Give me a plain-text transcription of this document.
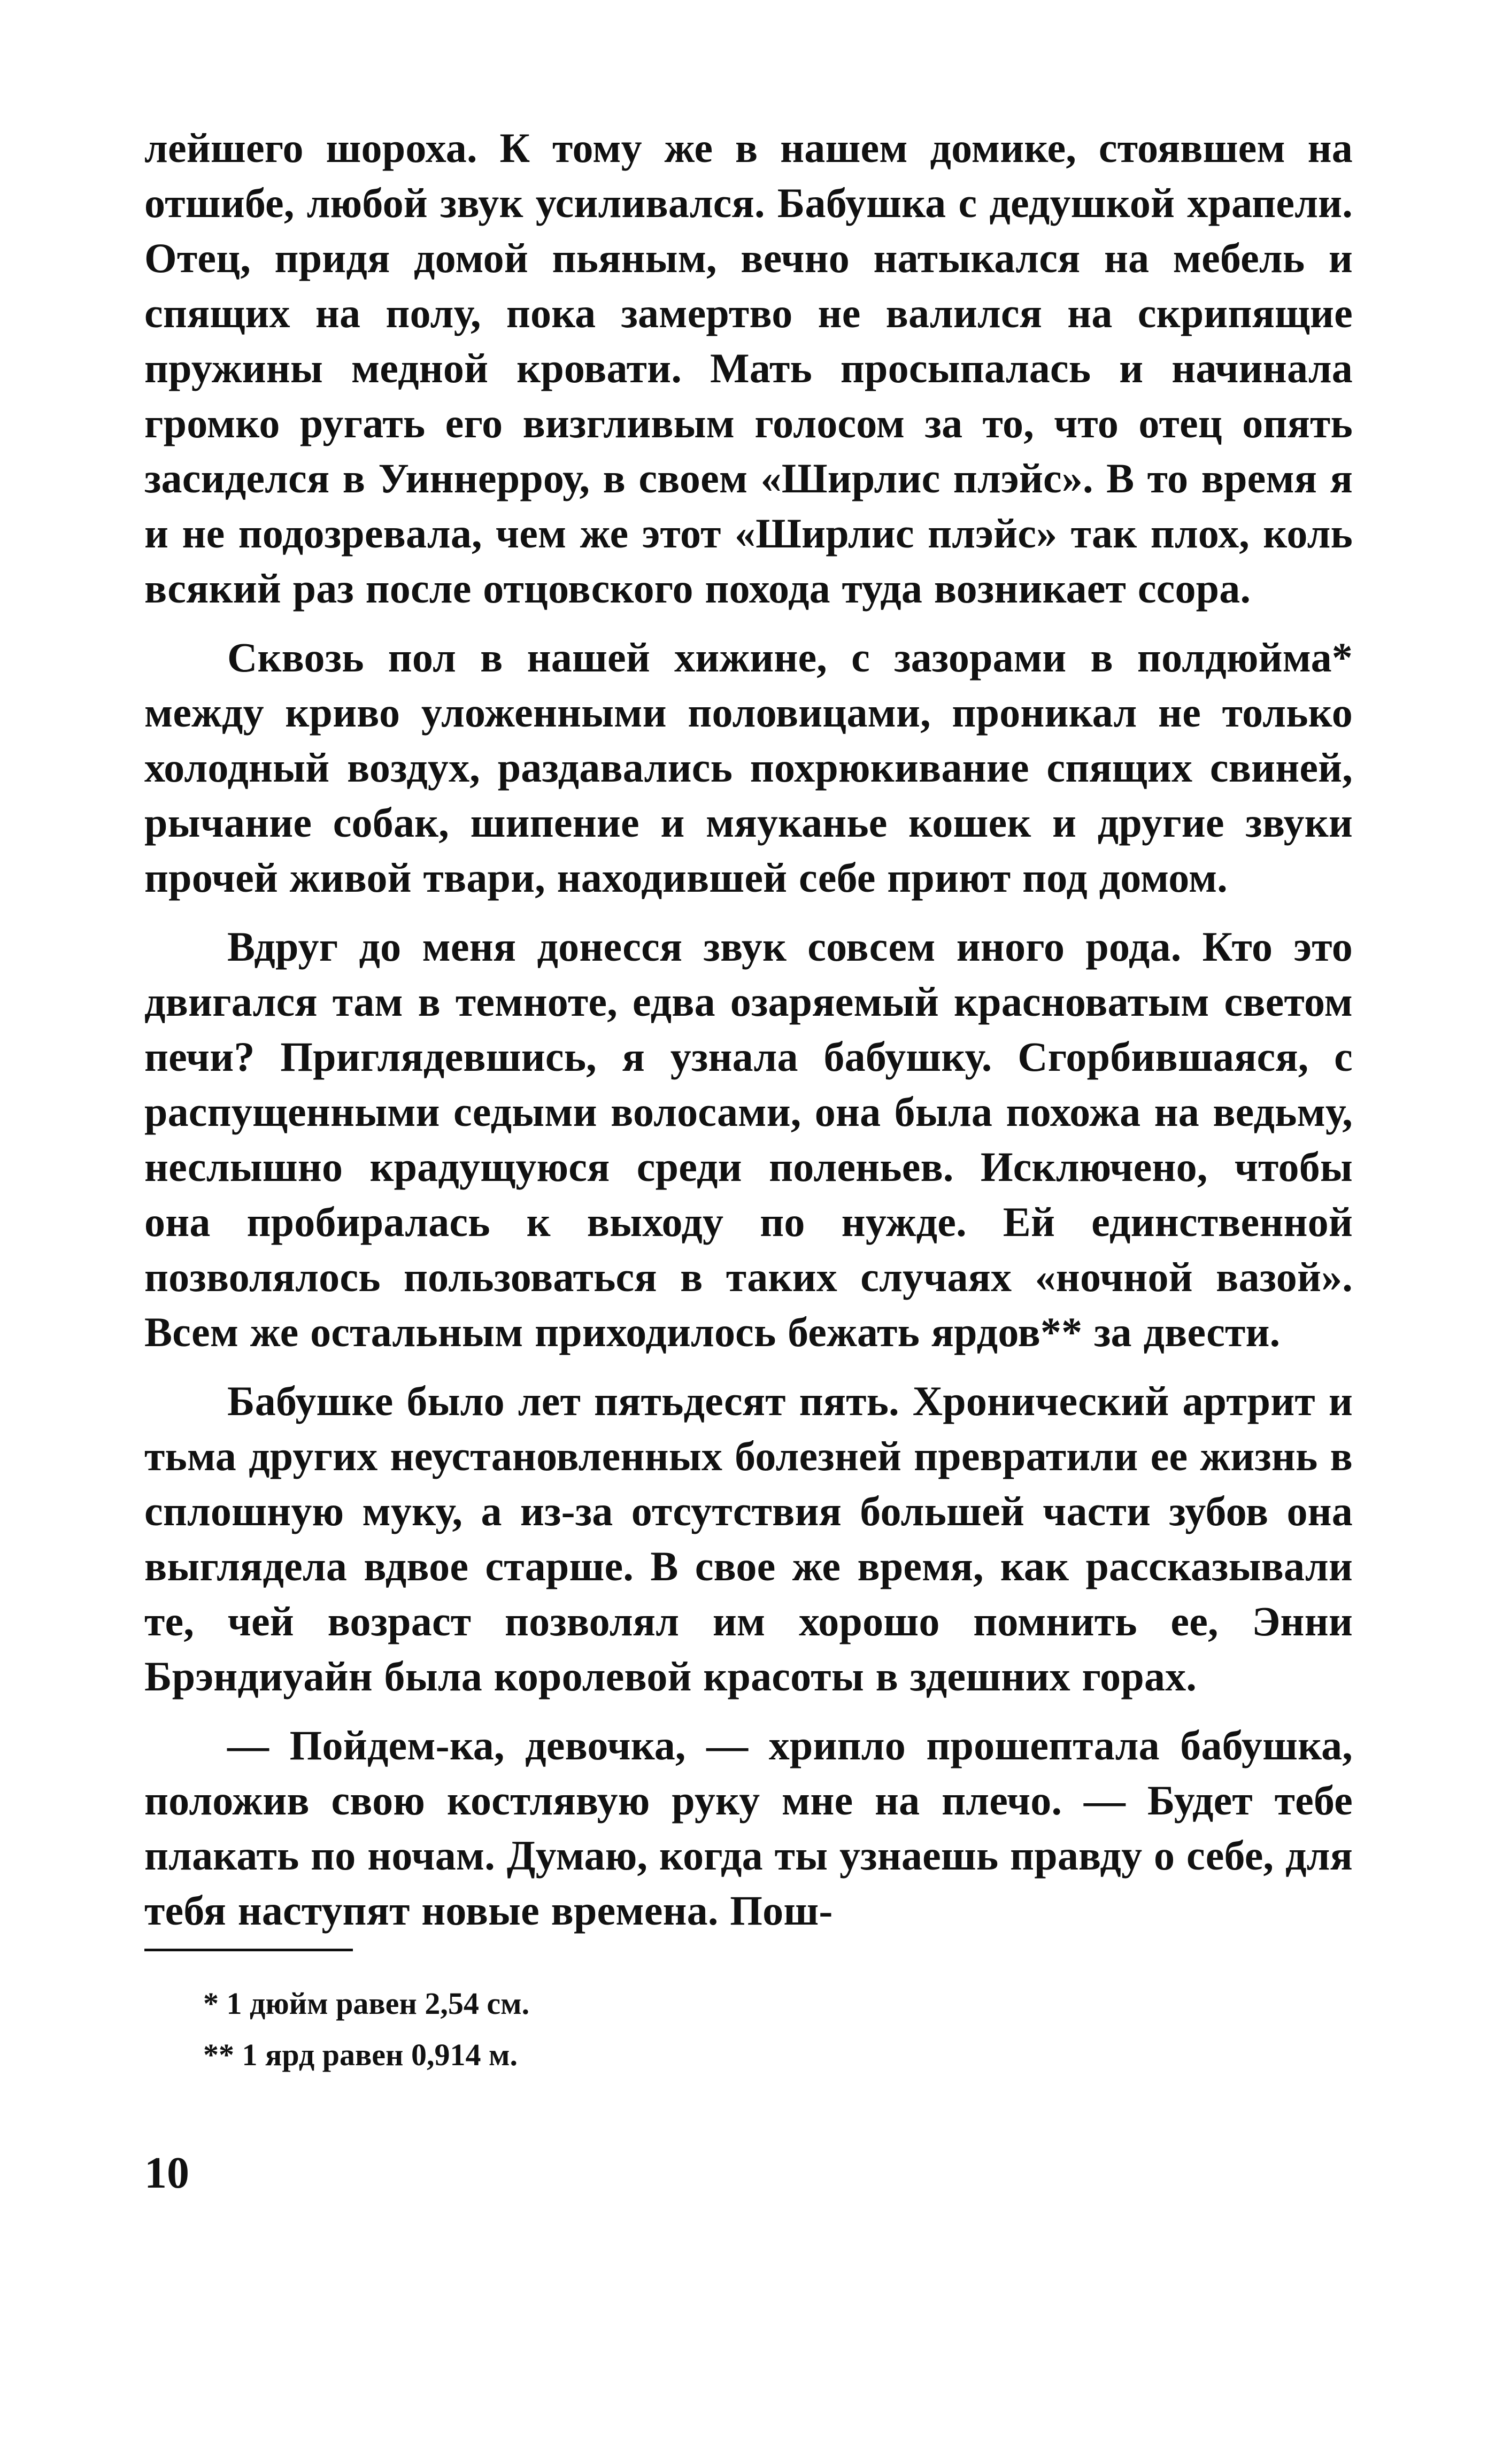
лейшего шороха. К тому же в нашем домике, стоявшем на отшибе, любой звук усиливался. Бабушка с дедушкой храпели. Отец, придя домой пьяным, вечно натыкался на мебель и спящих на полу, пока замертво не валился на скрипящие пружины медной кровати. Мать просыпалась и начинала громко ругать его визгливым голосом за то, что отец опять засиделся в Уиннерроу, в своем «Ширлис плэйс». В то время я и не подозревала, чем же этот «Ширлис плэйс» так плох, коль всякий раз после отцовского похода туда возникает ссора.

Сквозь пол в нашей хижине, с зазорами в полдюйма* между криво уложенными половицами, проникал не только холодный воздух, раздавались похрюкивание спящих свиней, рычание собак, шипение и мяуканье кошек и другие звуки прочей живой твари, находившей себе приют под домом.

Вдруг до меня донесся звук совсем иного рода. Кто это двигался там в темноте, едва озаряемый красноватым светом печи? Приглядевшись, я узнала бабушку. Сгорбившаяся, с распущенными седыми волосами, она была похожа на ведьму, неслышно крадущуюся среди поленьев. Исключено, чтобы она пробиралась к выходу по нужде. Ей единственной позволялось пользоваться в таких случаях «ночной вазой». Всем же остальным приходилось бежать ярдов** за двести.

Бабушке было лет пятьдесят пять. Хронический артрит и тьма других неустановленных болезней превратили ее жизнь в сплошную муку, а из-за отсутствия большей части зубов она выглядела вдвое старше. В свое же время, как рассказывали те, чей возраст позволял им хорошо помнить ее, Энни Брэндиуайн была королевой красоты в здешних горах.

— Пойдем-ка, девочка, — хрипло прошептала бабушка, положив свою костлявую руку мне на плечо. — Будет тебе плакать по ночам. Думаю, когда ты узнаешь правду о себе, для тебя наступят новые времена. Пош-

* 1 дюйм равен 2,54 см.

** 1 ярд равен 0,914 м.

10
